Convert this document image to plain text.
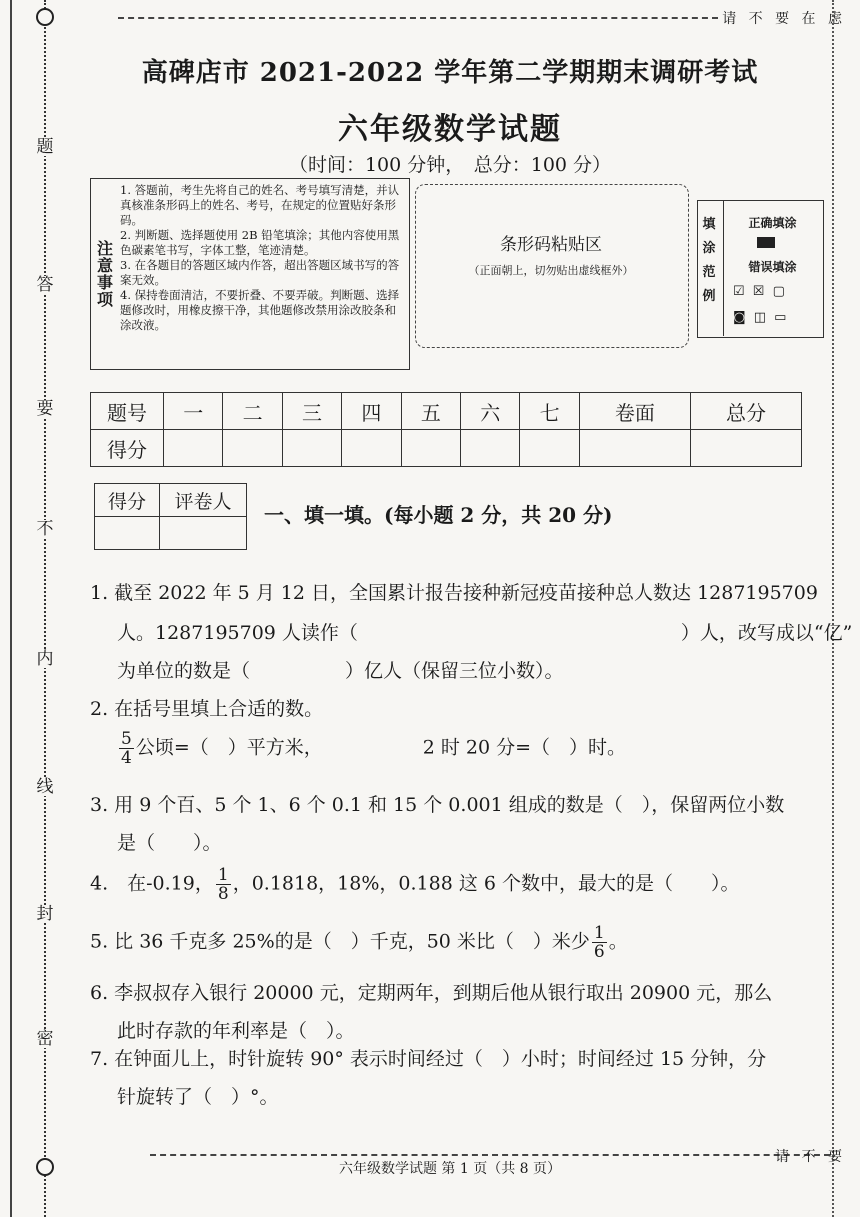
题
答
要
不
内
线
封
密
请 不 要 在 虑
高碑店市 2021-2022 学年第二学期期末调研考试
六年级数学试题
（时间：100 分钟，　总分：100 分）
注意事项

1. 答题前，考生先将自己的姓名、考号填写清楚，并认真核准条形码上的姓名、考号，在规定的位置贴好条形码。

2. 判断题、选择题使用 2B 铅笔填涂；其他内容使用黑色碳素笔书写，字体工整，笔迹清楚。

3. 在各题目的答题区域内作答，超出答题区域书写的答案无效。

4. 保持卷面清洁，不要折叠、不要弄破。判断题、选择题修改时，用橡皮擦干净，其他题修改禁用涂改胶条和涂改液。

条形码粘贴区
（正面朝上，切勿贴出虚线框外）
填
涂
范
例
正确填涂
错误填涂
☑ ☒ ▢
◙ ◫ ▭
题号	一	二	三	四	五	六	七	卷面	总分
得分									
得分	评卷人

一、填一填。(每小题 2 分，共 20 分)
1. 截至 2022 年 5 月 12 日，全国累计报告接种新冠疫苗接种总人数达 1287195709
人。1287195709 人读作（　　　　　　　　　　　　　　　　　）人，改写成以“亿”
为单位的数是（　　　　　）亿人（保留三位小数）。
2. 在括号里填上合适的数。
$\frac{5}{4}$ 公顷=（　）平方米，	2 时 20 分=（　）时。
3. 用 9 个百、5 个 1、6 个 0.1 和 15 个 0.001 组成的数是（　），保留两位小数
是（　　）。
4.　在-0.19， $\frac{1}{8}$ ，0.1818，18%，0.188 这 6 个数中，最大的是（　　）。
5. 比 36 千克多 25%的是（　）千克，50 米比（　）米少 $\frac{1}{6}$ 。
6. 李叔叔存入银行 20000 元，定期两年，到期后他从银行取出 20900 元，那么
此时存款的年利率是（　）。
7. 在钟面儿上，时针旋转 90° 表示时间经过（　）小时；时间经过 15 分钟，分
针旋转了（　）°。
六年级数学试题 第 1 页（共 8 页）
请 不 要
